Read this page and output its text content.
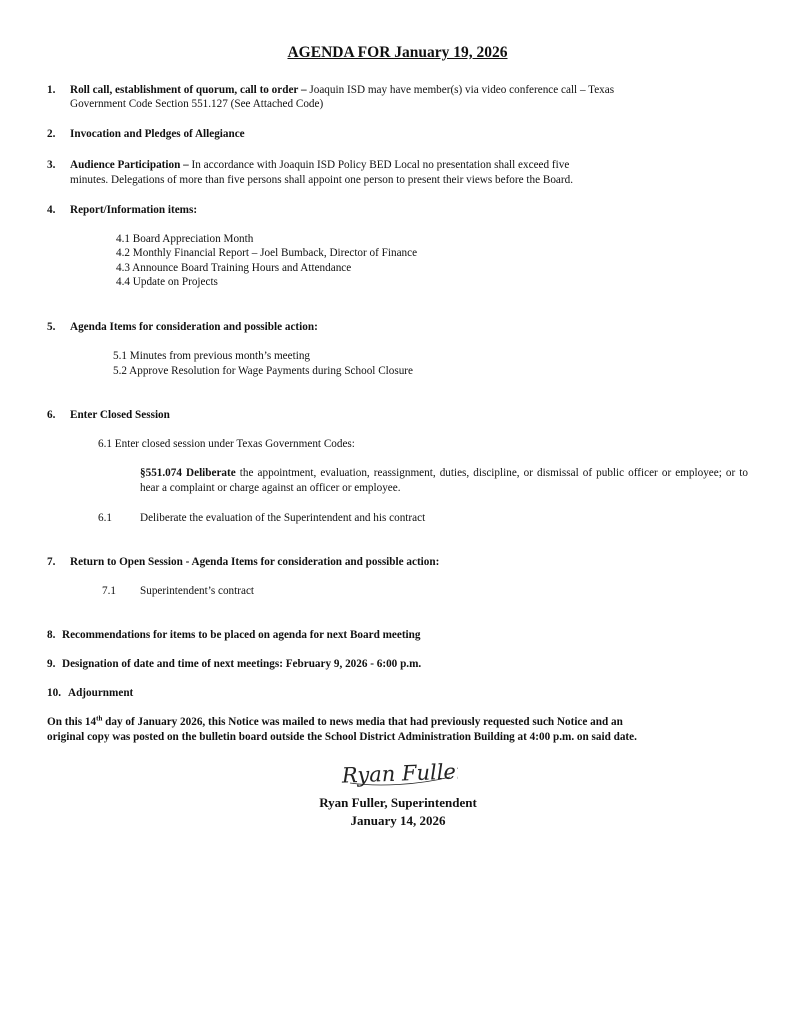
AGENDA FOR January 19, 2026
1. Roll call, establishment of quorum, call to order – Joaquin ISD may have member(s) via video conference call – Texas
Government Code Section 551.127 (See Attached Code)
2. Invocation and Pledges of Allegiance
3. Audience Participation – In accordance with Joaquin ISD Policy BED Local no presentation shall exceed five
minutes. Delegations of more than five persons shall appoint one person to present their views before the Board.
4. Report/Information items:
4.1 Board Appreciation Month
4.2 Monthly Financial Report – Joel Bumback, Director of Finance
4.3 Announce Board Training Hours and Attendance
4.4 Update on Projects
5. Agenda Items for consideration and possible action:
5.1 Minutes from previous month’s meeting
5.2 Approve Resolution for Wage Payments during School Closure
6. Enter Closed Session
6.1 Enter closed session under Texas Government Codes:
§551.074 Deliberate the appointment, evaluation, reassignment, duties, discipline, or dismissal of public officer or employee; or to hear a complaint or charge against an officer or employee.
6.1	Deliberate the evaluation of the Superintendent and his contract
7. Return to Open Session - Agenda Items for consideration and possible action:
7.1 Superintendent’s contract
8. Recommendations for items to be placed on agenda for next Board meeting
9. Designation of date and time of next meetings: February 9, 2026 - 6:00 p.m.
10. Adjournment
On this 14th day of January 2026, this Notice was mailed to news media that had previously requested such Notice and an
original copy was posted on the bulletin board outside the School District Administration Building at 4:00 p.m. on said date.
Ryan Fuller
Ryan Fuller, Superintendent
January 14, 2026
